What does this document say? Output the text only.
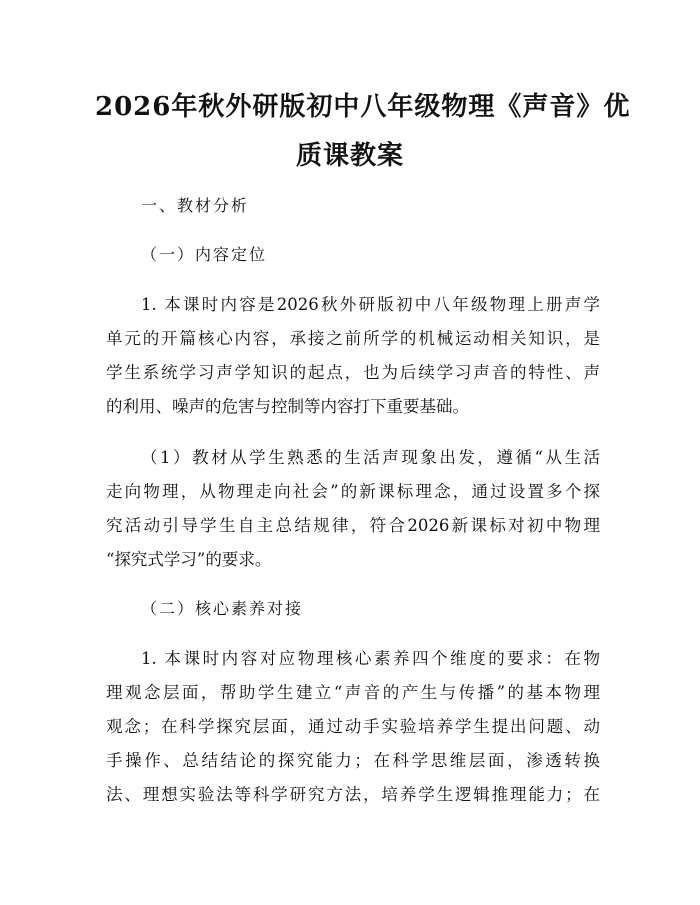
2026年秋外研版初中八年级物理《声音》优
质课教案
一、教材分析
（一）内容定位
1. 本课时内容是2026秋外研版初中八年级物理上册声学
单元的开篇核心内容，承接之前所学的机械运动相关知识，是
学生系统学习声学知识的起点，也为后续学习声音的特性、声
的利用、噪声的危害与控制等内容打下重要基础。
（1）教材从学生熟悉的生活声现象出发，遵循“从生活
走向物理，从物理走向社会”的新课标理念，通过设置多个探
究活动引导学生自主总结规律，符合2026新课标对初中物理
“探究式学习”的要求。
（二）核心素养对接
1. 本课时内容对应物理核心素养四个维度的要求：在物
理观念层面，帮助学生建立“声音的产生与传播”的基本物理
观念；在科学探究层面，通过动手实验培养学生提出问题、动
手操作、总结结论的探究能力；在科学思维层面，渗透转换
法、理想实验法等科学研究方法，培养学生逻辑推理能力；在
